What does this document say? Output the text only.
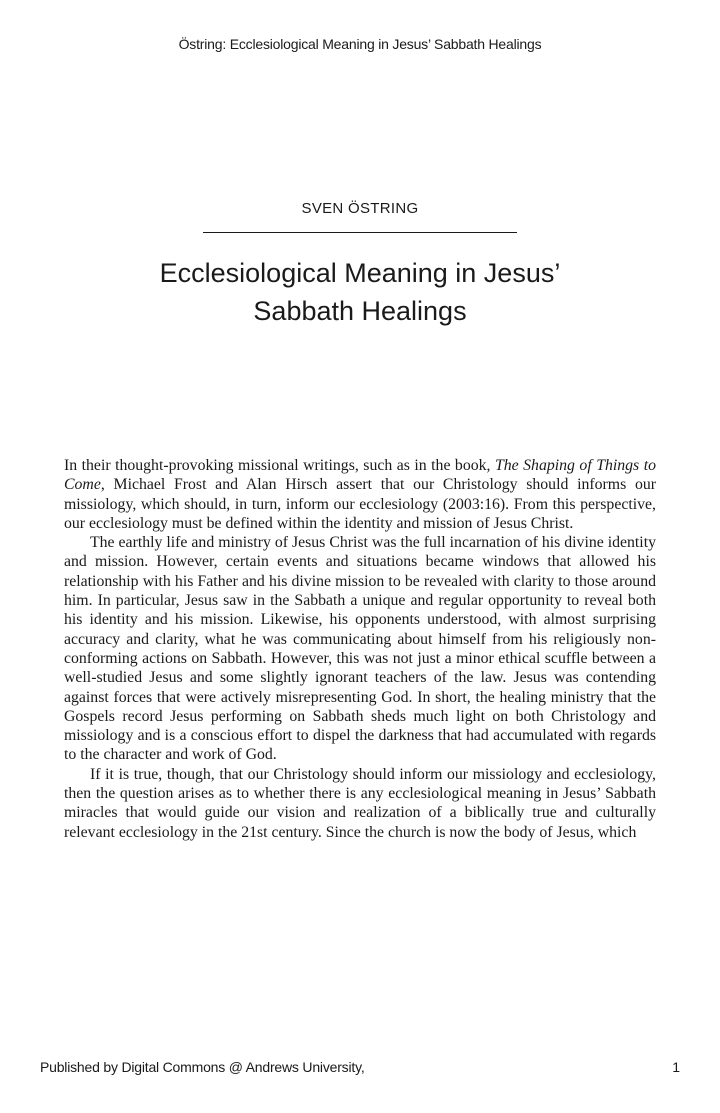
Östring: Ecclesiological Meaning in Jesus’ Sabbath Healings
SVEN ÖSTRING
Ecclesiological Meaning in Jesus’
Sabbath Healings

In their thought-provoking missional writings, such as in the book, The Shaping of Things to Come, Michael Frost and Alan Hirsch assert that our Christology should informs our missiology, which should, in turn, inform our ecclesiology (2003:16). From this perspective, our ecclesiology must be defined within the identity and mission of Jesus Christ.

The earthly life and ministry of Jesus Christ was the full incarnation of his divine identity and mission. However, certain events and situations became windows that allowed his relationship with his Father and his divine mission to be revealed with clarity to those around him. In particular, Jesus saw in the Sabbath a unique and regular opportunity to reveal both his identity and his mission. Likewise, his opponents understood, with almost surprising accuracy and clarity, what he was communicating about himself from his religiously non-conforming actions on Sabbath. However, this was not just a minor ethical scuffle between a well-studied Jesus and some slightly ignorant teachers of the law. Jesus was contending against forces that were actively misrepresenting God. In short, the healing ministry that the Gospels record Jesus performing on Sabbath sheds much light on both Christology and missiology and is a conscious effort to dispel the darkness that had accumulated with regards to the character and work of God.

If it is true, though, that our Christology should inform our missiology and ecclesiology, then the question arises as to whether there is any ecclesiological meaning in Jesus’ Sabbath miracles that would guide our vision and realization of a biblically true and culturally relevant ecclesiology in the 21st century. Since the church is now the body of Jesus, which

Published by Digital Commons @ Andrews University,	1
